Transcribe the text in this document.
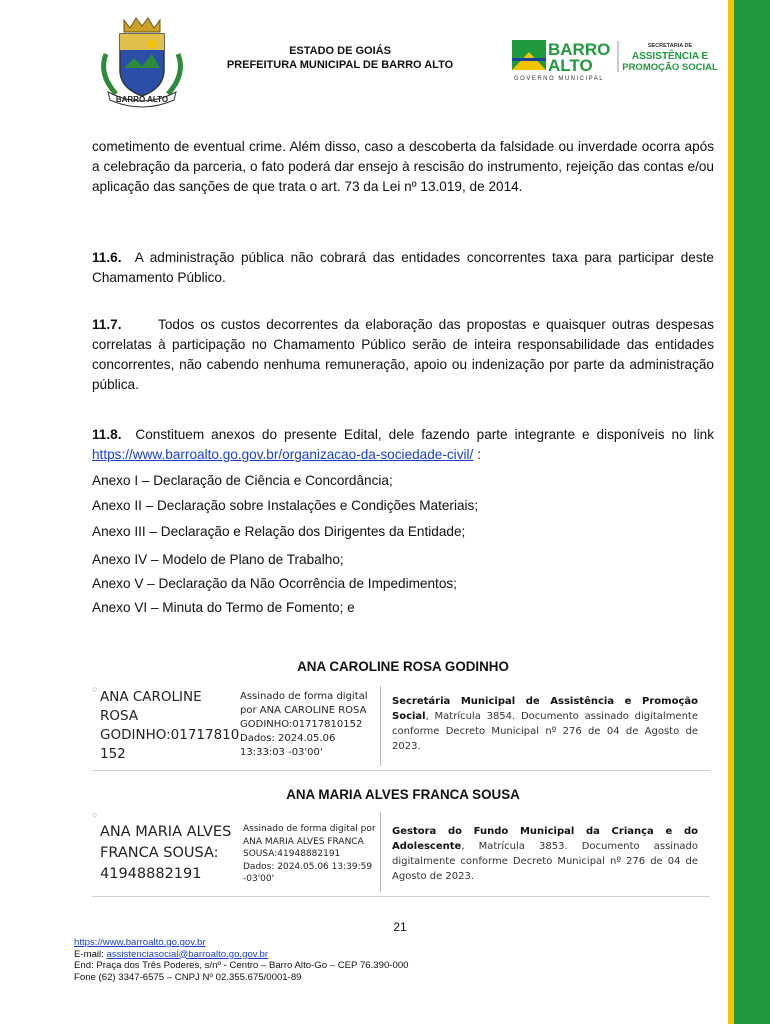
BARRO ALTO
ESTADO DE GOIÁS
PREFEITURA MUNICIPAL DE BARRO ALTO
BARRO
ALTO
GOVERNO MUNICIPAL
SECRETARIA DE
ASSISTÊNCIA E
PROMOÇÃO SOCIAL
cometimento de eventual crime. Além disso, caso a descoberta da falsidade ou inverdade ocorra após a celebração da parceria, o fato poderá dar ensejo à rescisão do instrumento, rejeição das contas e/ou aplicação das sanções de que trata o art. 73 da Lei nº 13.019, de 2014.
11.6. A administração pública não cobrará das entidades concorrentes taxa para participar deste Chamamento Público.
11.7.	Todos os custos decorrentes da elaboração das propostas e quaisquer outras despesas correlatas à participação no Chamamento Público serão de inteira responsabilidade das entidades concorrentes, não cabendo nenhuma remuneração, apoio ou indenização por parte da administração pública.
11.8. Constituem anexos do presente Edital, dele fazendo parte integrante e disponíveis no link https://www.barroalto.go.gov.br/organizacao-da-sociedade-civil/ :
Anexo I – Declaração de Ciência e Concordância;
Anexo II – Declaração sobre Instalações e Condições Materiais;
Anexo III – Declaração e Relação dos Dirigentes da Entidade;
Anexo IV – Modelo de Plano de Trabalho;
Anexo V – Declaração da Não Ocorrência de Impedimentos;
Anexo VI – Minuta do Termo de Fomento; e
ANA CAROLINE ROSA GODINHO
○ ANA CAROLINE
ROSA
GODINHO:01717810
152
Assinado de forma digital
por ANA CAROLINE ROSA
GODINHO:01717810152
Dados: 2024.05.06
13:33:03 -03'00'
Secretária Municipal de Assistência e Promoção Social, Matrícula 3854. Documento assinado digitalmente conforme Decreto Municipal nº 276 de 04 de Agosto de 2023.
ANA MARIA ALVES FRANCA SOUSA
○
ANA MARIA ALVES
FRANCA SOUSA:
41948882191
Assinado de forma digital por
ANA MARIA ALVES FRANCA
SOUSA:41948882191
Dados: 2024.05.06 13:39:59
-03'00'
Gestora do Fundo Municipal da Criança e do Adolescente, Matrícula 3853. Documento assinado digitalmente conforme Decreto Municipal nº 276 de 04 de Agosto de 2023.
21
https://www.barroalto.go.gov.br
E-mail: assistenciasocial@barroalto.go.gov.br
End: Praça dos Três Poderes, s/nº - Centro – Barro Alto-Go – CEP 76.390-000
Fone (62) 3347-6575 – CNPJ Nº 02.355.675/0001-89
